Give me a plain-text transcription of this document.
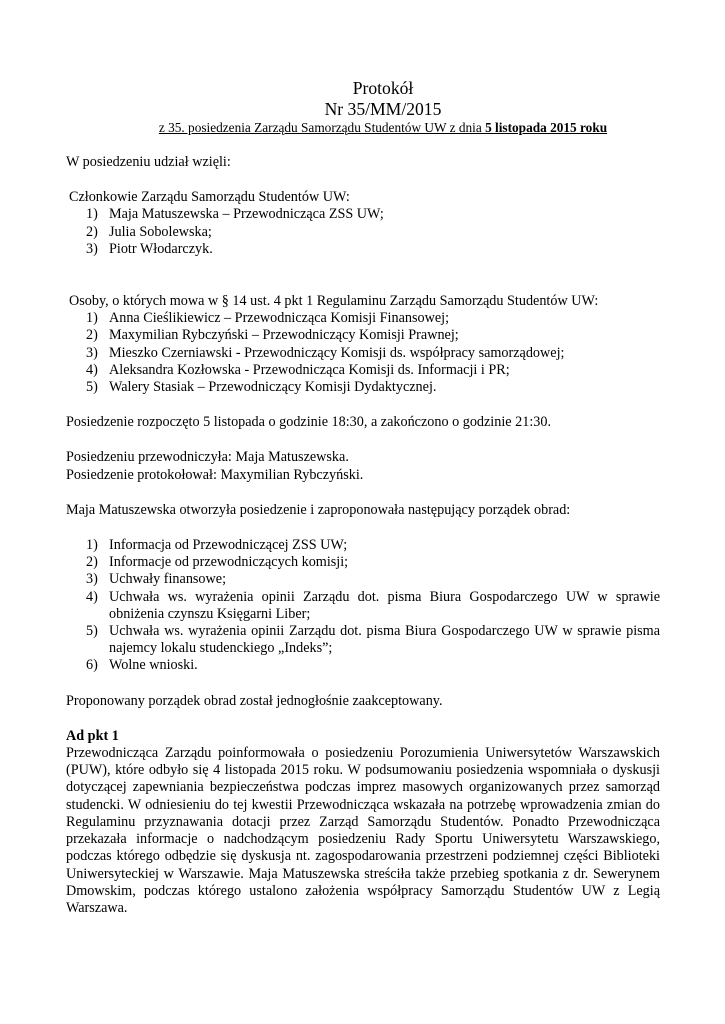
Protokół
Nr 35/MM/2015
z 35. posiedzenia Zarządu Samorządu Studentów UW z dnia 5 listopada 2015 roku

W posiedzeniu udział wzięli:

Członkowie Zarządu Samorządu Studentów UW:

1) Maja Matuszewska – Przewodnicząca ZSS UW;
2) Julia Sobolewska;
3) Piotr Włodarczyk.

Osoby, o których mowa w § 14 ust. 4 pkt 1 Regulaminu Zarządu Samorządu Studentów UW:

1) Anna Cieślikiewicz – Przewodnicząca Komisji Finansowej;
2) Maxymilian Rybczyński – Przewodniczący Komisji Prawnej;
3) Mieszko Czerniawski - Przewodniczący Komisji ds. współpracy samorządowej;
4) Aleksandra Kozłowska - Przewodnicząca Komisji ds. Informacji i PR;
5) Walery Stasiak – Przewodniczący Komisji Dydaktycznej.

Posiedzenie rozpoczęto 5 listopada o godzinie 18:30, a zakończono o godzinie 21:30.

Posiedzeniu przewodniczyła: Maja Matuszewska.

Posiedzenie protokołował: Maxymilian Rybczyński.

Maja Matuszewska otworzyła posiedzenie i zaproponowała następujący porządek obrad:

1) Informacja od Przewodniczącej ZSS UW;
2) Informacje od przewodniczących komisji;
3) Uchwały finansowe;
4) Uchwała ws. wyrażenia opinii Zarządu dot. pisma Biura Gospodarczego UW w sprawie obniżenia czynszu Księgarni Liber;
5) Uchwała ws. wyrażenia opinii Zarządu dot. pisma Biura Gospodarczego UW w sprawie pisma najemcy lokalu studenckiego „Indeks”;
6) Wolne wnioski.

Proponowany porządek obrad został jednogłośnie zaakceptowany.

Ad pkt 1

Przewodnicząca Zarządu poinformowała o posiedzeniu Porozumienia Uniwersytetów Warszawskich (PUW), które odbyło się 4 listopada 2015 roku. W podsumowaniu posiedzenia wspomniała o dyskusji dotyczącej zapewniania bezpieczeństwa podczas imprez masowych organizowanych przez samorząd studencki. W odniesieniu do tej kwestii Przewodnicząca wskazała na potrzebę wprowadzenia zmian do Regulaminu przyznawania dotacji przez Zarząd Samorządu Studentów. Ponadto Przewodnicząca przekazała informacje o nadchodzącym posiedzeniu Rady Sportu Uniwersytetu Warszawskiego, podczas którego odbędzie się dyskusja nt. zagospodarowania przestrzeni podziemnej części Biblioteki Uniwersyteckiej w Warszawie. Maja Matuszewska streściła także przebieg spotkania z dr. Sewerynem Dmowskim, podczas którego ustalono założenia współpracy Samorządu Studentów UW z Legią Warszawa.
